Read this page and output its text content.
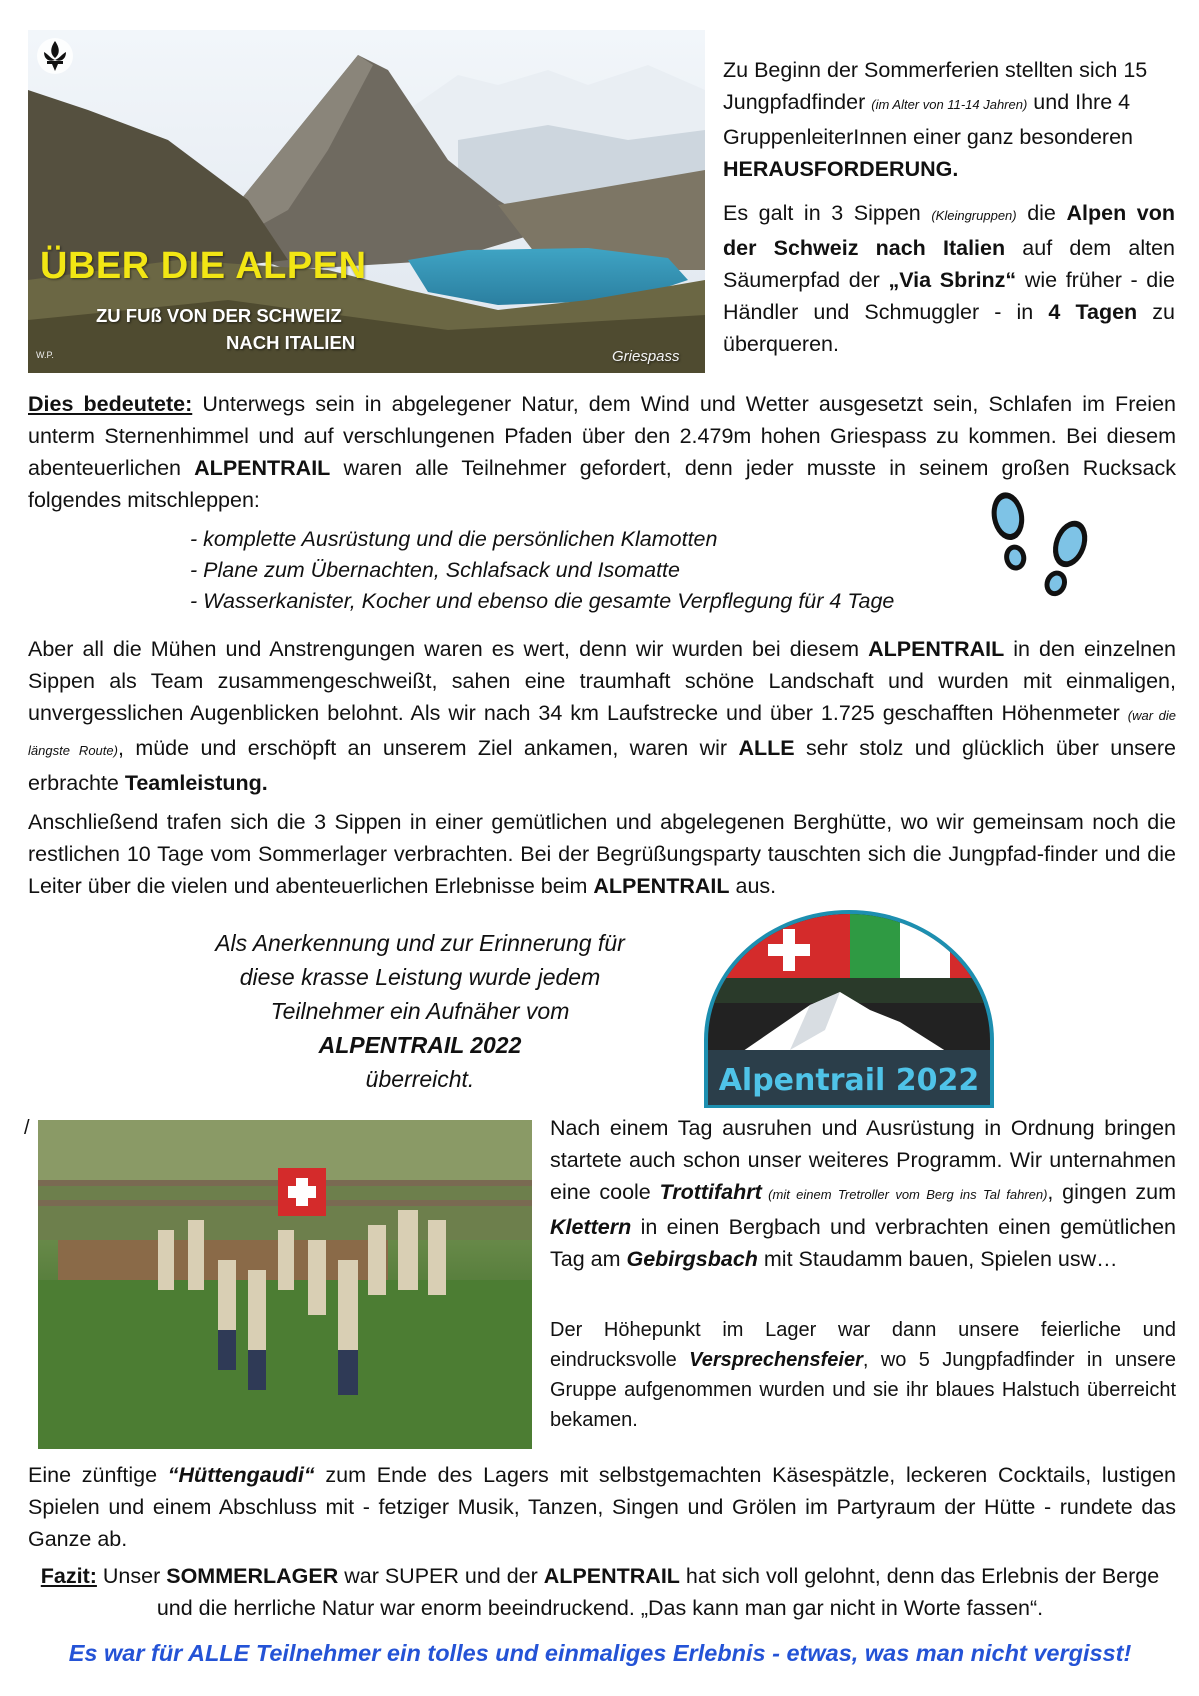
ÜBER DIE ALPEN
ZU FUß VON DER SCHWEIZ
NACH ITALIEN
Griespass
W.P.

Zu Beginn der Sommerferien stellten sich 15 Jungpfadfinder (im Alter von 11-14 Jahren) und Ihre 4 GruppenleiterInnen einer ganz besonderen HERAUSFORDERUNG.

Es galt in 3 Sippen (Kleingruppen) die Alpen von der Schweiz nach Italien auf dem alten Säumerpfad der „Via Sbrinz“ wie früher - die Händler und Schmuggler - in 4 Tagen zu überqueren.

Dies bedeutete: Unterwegs sein in abgelegener Natur, dem Wind und Wetter ausgesetzt sein, Schlafen im Freien unterm Sternenhimmel und auf verschlungenen Pfaden über den 2.479m hohen Griespass zu kommen. Bei diesem abenteuerlichen ALPENTRAIL waren alle Teilnehmer gefordert, denn jeder musste in seinem großen Rucksack folgendes mitschleppen:

- komplette Ausrüstung und die persönlichen Klamotten

- Plane zum Übernachten, Schlafsack und Isomatte

- Wasserkanister, Kocher und ebenso die gesamte Verpflegung für 4 Tage

Aber all die Mühen und Anstrengungen waren es wert, denn wir wurden bei diesem ALPENTRAIL in den einzelnen Sippen als Team zusammengeschweißt, sahen eine traumhaft schöne Landschaft und wurden mit einmaligen, unvergesslichen Augenblicken belohnt. Als wir nach 34 km Laufstrecke und über 1.725 geschafften Höhenmeter (war die längste Route), müde und erschöpft an unserem Ziel ankamen, waren wir ALLE sehr stolz und glücklich über unsere erbrachte Teamleistung.

Anschließend trafen sich die 3 Sippen in einer gemütlichen und abgelegenen Berghütte, wo wir gemeinsam noch die restlichen 10 Tage vom Sommerlager verbrachten. Bei der Begrüßungsparty tauschten sich die Jungpfad-finder und die Leiter über die vielen und abenteuerlichen Erlebnisse beim ALPENTRAIL aus.

Als Anerkennung und zur Erinnerung für
diese krasse Leistung wurde jedem
Teilnehmer ein Aufnäher vom
ALPENTRAIL 2022
überreicht.	Alpentrail 2022
/	Nach einem Tag ausruhen und Ausrüstung in Ordnung bringen startete auch schon unser weiteres Programm. Wir unternahmen eine coole Trottifahrt (mit einem Tretroller vom Berg ins Tal fahren), gingen zum Klettern in einen Bergbach und verbrachten einen gemütlichen Tag am Gebirgsbach mit Staudamm bauen, Spielen usw…

Der Höhepunkt im Lager war dann unsere feierliche und eindrucksvolle Versprechensfeier, wo 5 Jungpfadfinder in unsere Gruppe aufgenommen wurden und sie ihr blaues Halstuch überreicht bekamen.

Eine zünftige “Hüttengaudi“ zum Ende des Lagers mit selbstgemachten Käsespätzle, leckeren Cocktails, lustigen Spielen und einem Abschluss mit - fetziger Musik, Tanzen, Singen und Grölen im Partyraum der Hütte - rundete das Ganze ab.

Fazit: Unser SOMMERLAGER war SUPER und der ALPENTRAIL hat sich voll gelohnt, denn das Erlebnis der Berge und die herrliche Natur war enorm beeindruckend. „Das kann man gar nicht in Worte fassen“.

Es war für ALLE Teilnehmer ein tolles und einmaliges Erlebnis - etwas, was man nicht vergisst!
